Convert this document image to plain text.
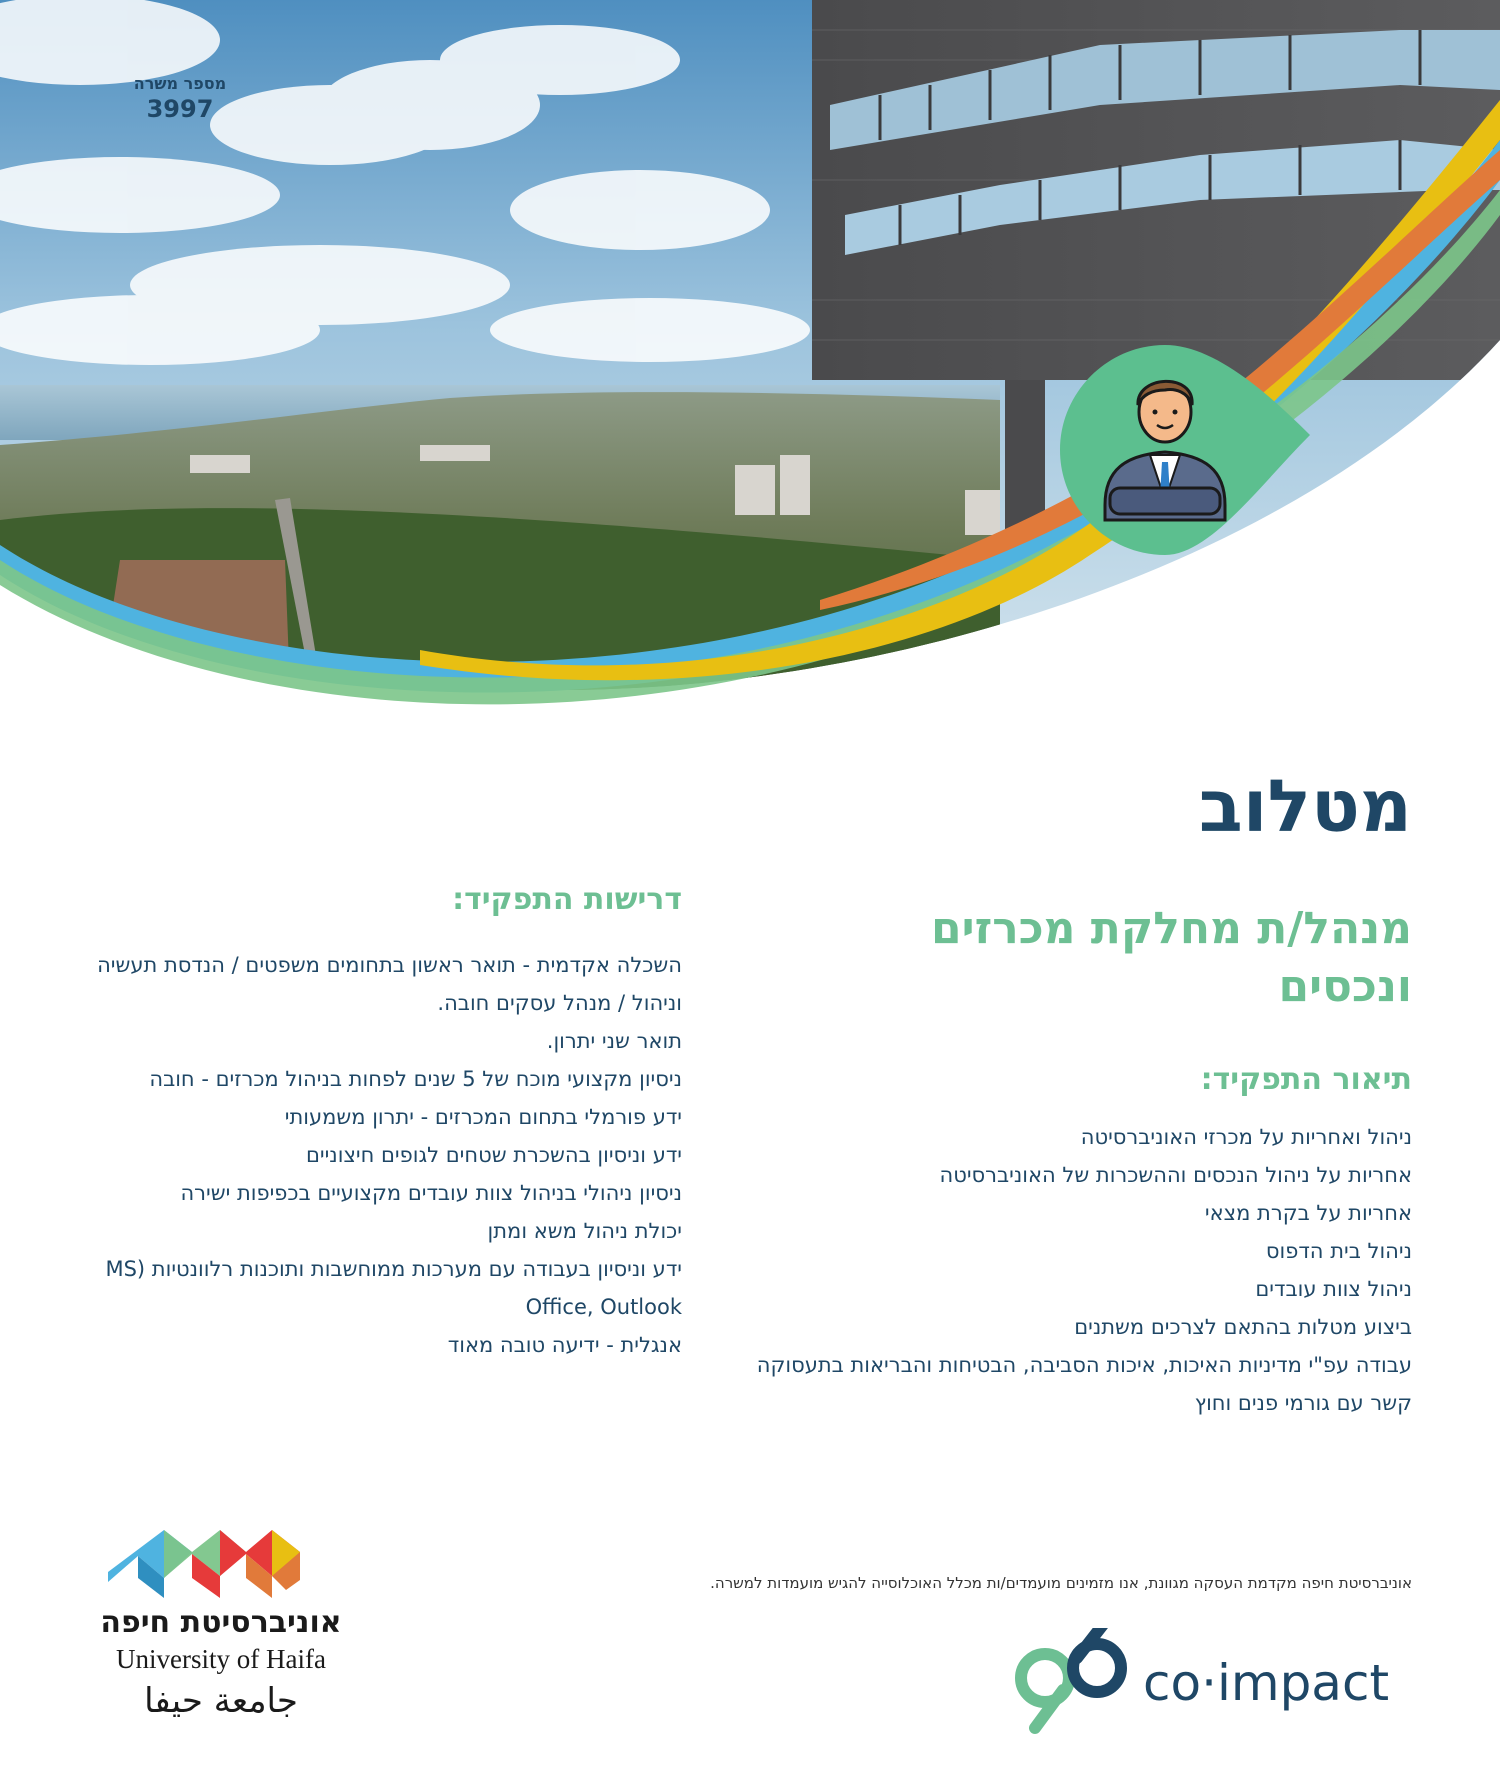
מספר משרה
3997
מטלוב
מנהל/ת מחלקת מכרזים ונכסים
תיאור התפקיד:
ניהול ואחריות על מכרזי האוניברסיטה
אחריות על ניהול הנכסים וההשכרות של האוניברסיטה
אחריות על בקרת מצאי
ניהול בית הדפוס
ניהול צוות עובדים
ביצוע מטלות בהתאם לצרכים משתנים
עבודה עפ"י מדיניות האיכות, איכות הסביבה, הבטיחות והבריאות בתעסוקה
קשר עם גורמי פנים וחוץ
דרישות התפקיד:
השכלה אקדמית - תואר ראשון בתחומים משפטים / הנדסת תעשיה וניהול / מנהל עסקים חובה.
תואר שני יתרון.
ניסיון מקצועי מוכח של 5 שנים לפחות בניהול מכרזים - חובה
ידע פורמלי בתחום המכרזים - יתרון משמעותי
ידע וניסיון בהשכרת שטחים לגופים חיצוניים
ניסיון ניהולי בניהול צוות עובדים מקצועיים בכפיפות ישירה
יכולת ניהול משא ומתן
ידע וניסיון בעבודה עם מערכות ממוחשבות ותוכנות רלוונטיות (MS Office, Outlook
אנגלית - ידיעה טובה מאוד

אוניברסיטת חיפה מקדמת העסקה מגוונת, אנו מזמינים מועמדים/ות מכלל האוכלוסייה להגיש מועמדות למשרה.

אוניברסיטת חיפה
University of Haifa
جامعة حيفا	co·impact
